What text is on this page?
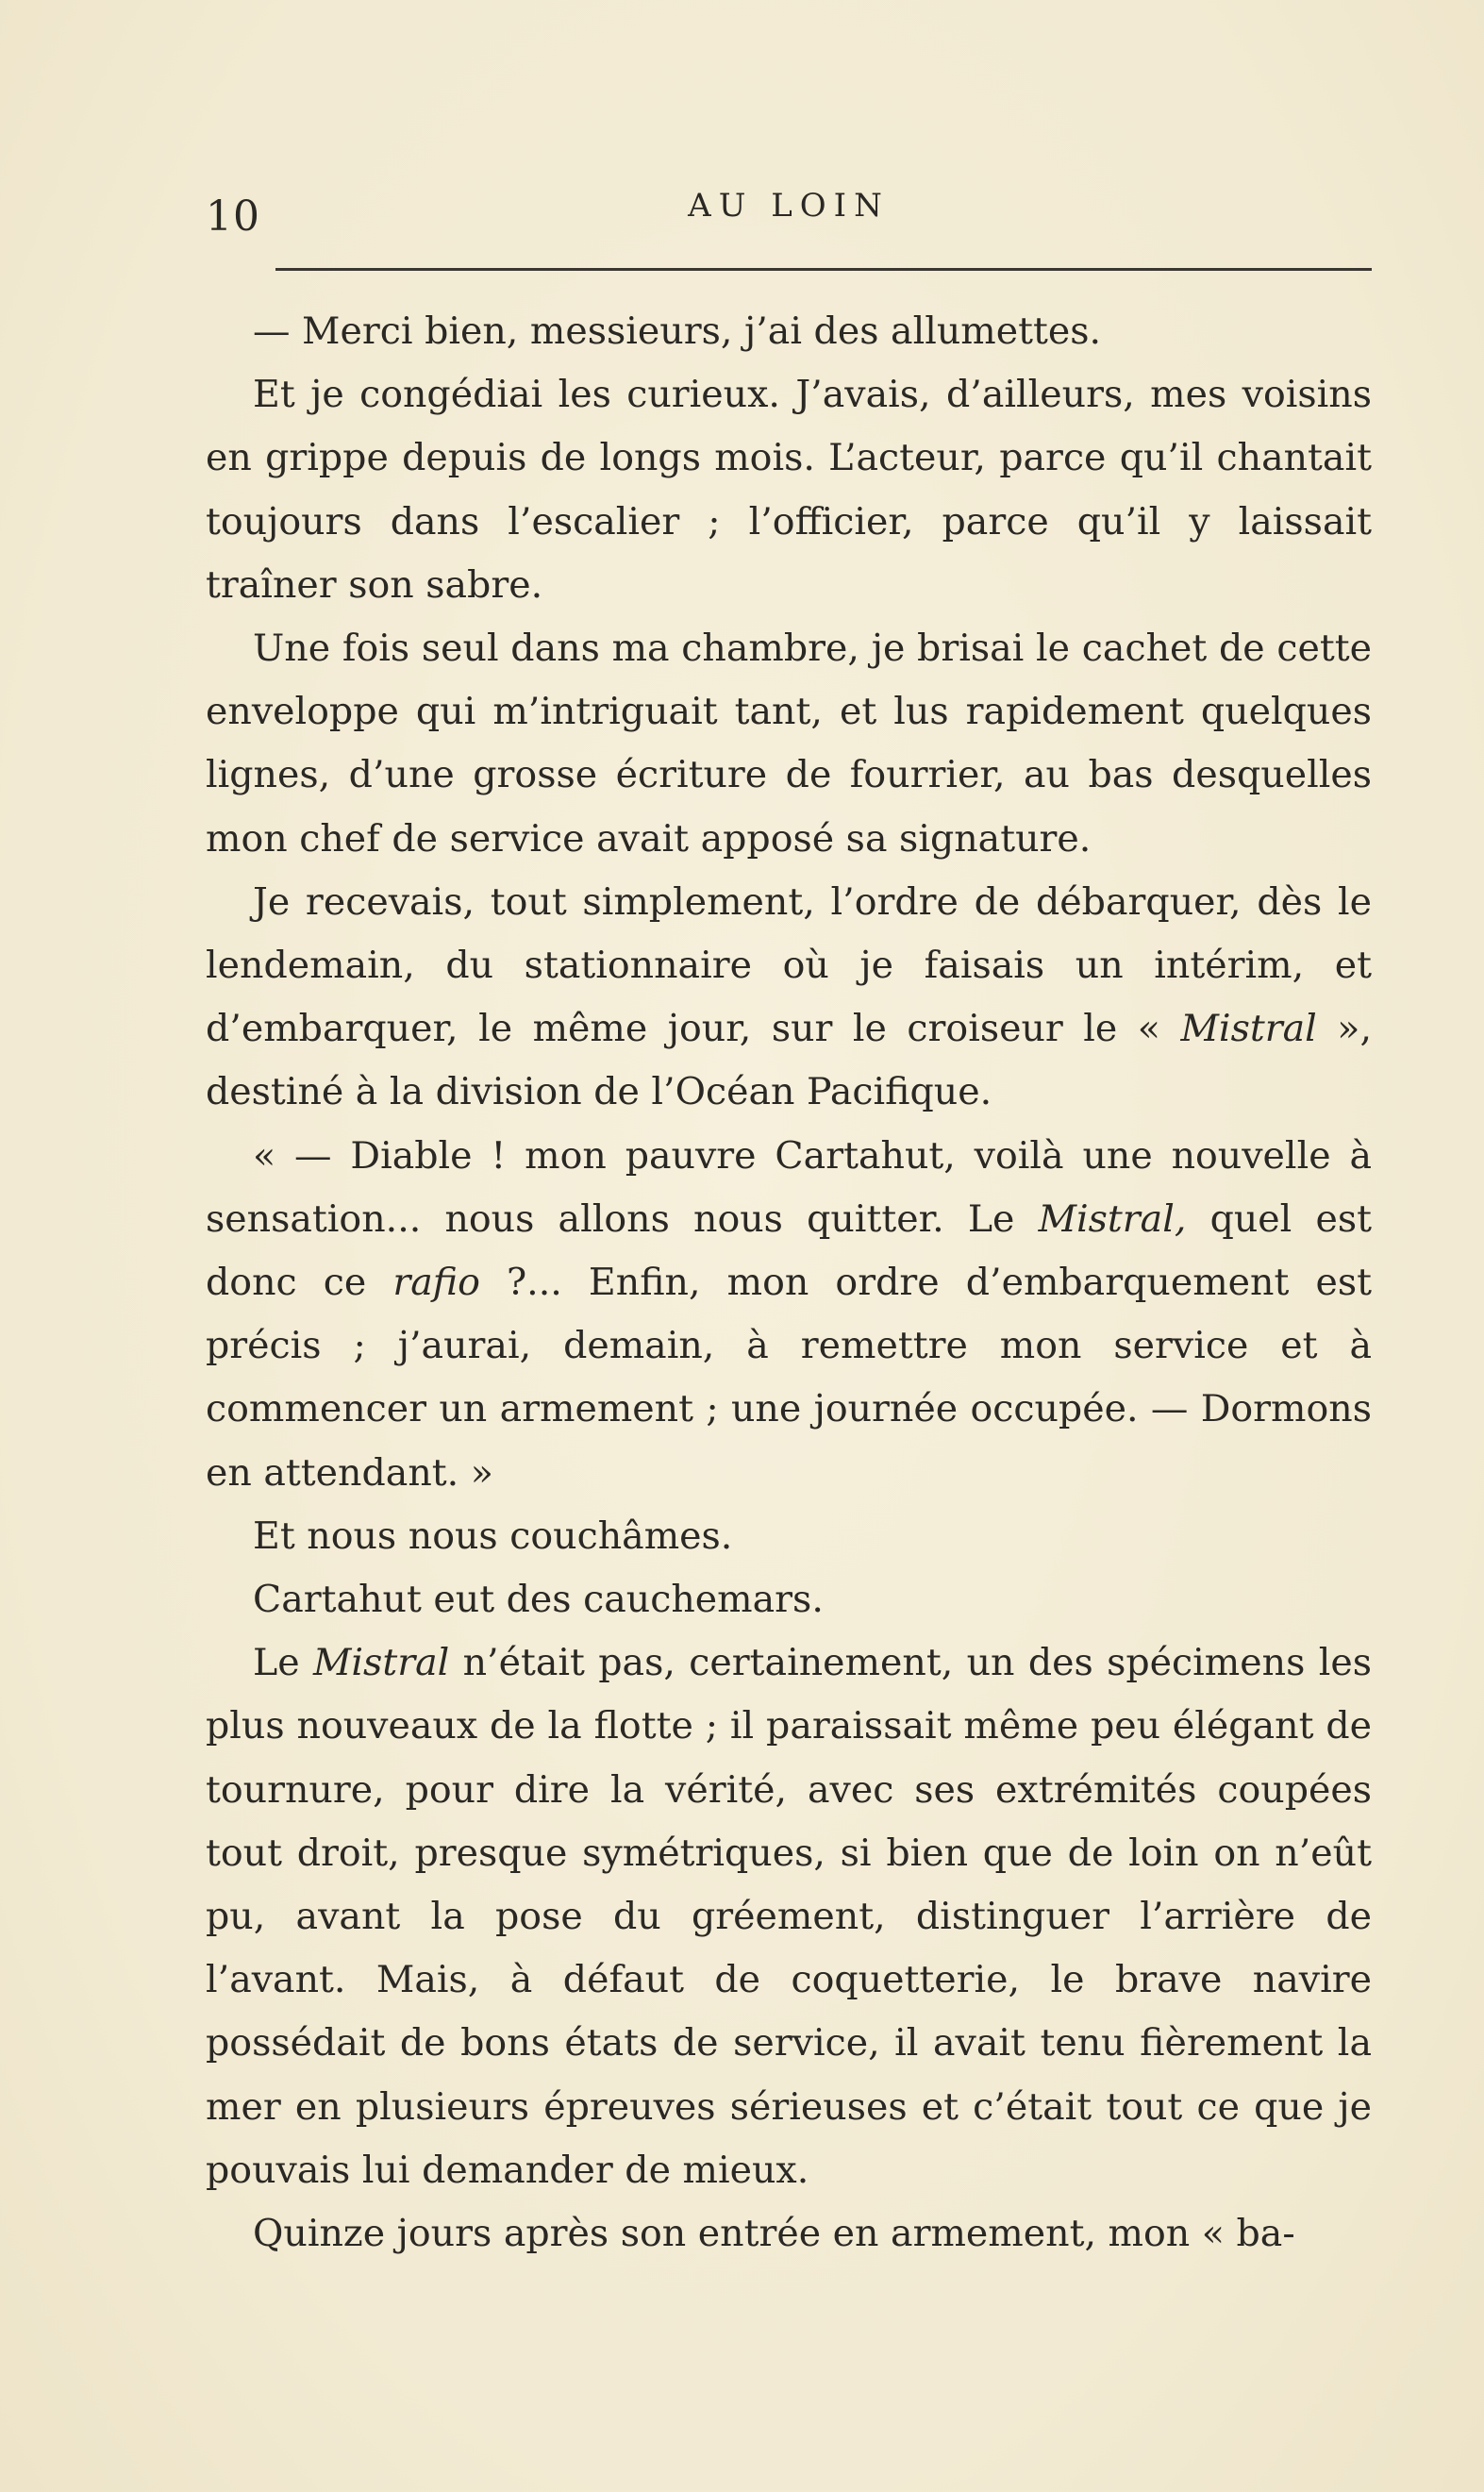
10	AU LOIN

— Merci bien, messieurs, j’ai des allumettes.

Et je congédiai les curieux. J’avais, d’ailleurs, mes voisins en grippe depuis de longs mois. L’acteur, parce qu’il chantait toujours dans l’escalier ; l’officier, parce qu’il y laissait traîner son sabre.

Une fois seul dans ma chambre, je brisai le cachet de cette enveloppe qui m’intriguait tant, et lus rapidement quelques lignes, d’une grosse écriture de fourrier, au bas desquelles mon chef de service avait apposé sa signature.

Je recevais, tout simplement, l’ordre de débarquer, dès le lendemain, du stationnaire où je faisais un intérim, et d’embarquer, le même jour, sur le croiseur le « Mistral », destiné à la division de l’Océan Pacifique.

« — Diable ! mon pauvre Cartahut, voilà une nouvelle à sensation... nous allons nous quitter. Le Mistral, quel est donc ce rafio ?... Enfin, mon ordre d’embarquement est précis ; j’aurai, demain, à remettre mon service et à commencer un armement ; une journée occupée. — Dormons en attendant. »

Et nous nous couchâmes.

Cartahut eut des cauchemars.

Le Mistral n’était pas, certainement, un des spécimens les plus nouveaux de la flotte ; il paraissait même peu élégant de tournure, pour dire la vérité, avec ses extrémités coupées tout droit, presque symétriques, si bien que de loin on n’eût pu, avant la pose du gréement, distinguer l’arrière de l’avant. Mais, à défaut de coquetterie, le brave navire possédait de bons états de service, il avait tenu fièrement la mer en plusieurs épreuves sérieuses et c’était tout ce que je pouvais lui demander de mieux.

Quinze jours après son entrée en armement, mon « ba-
